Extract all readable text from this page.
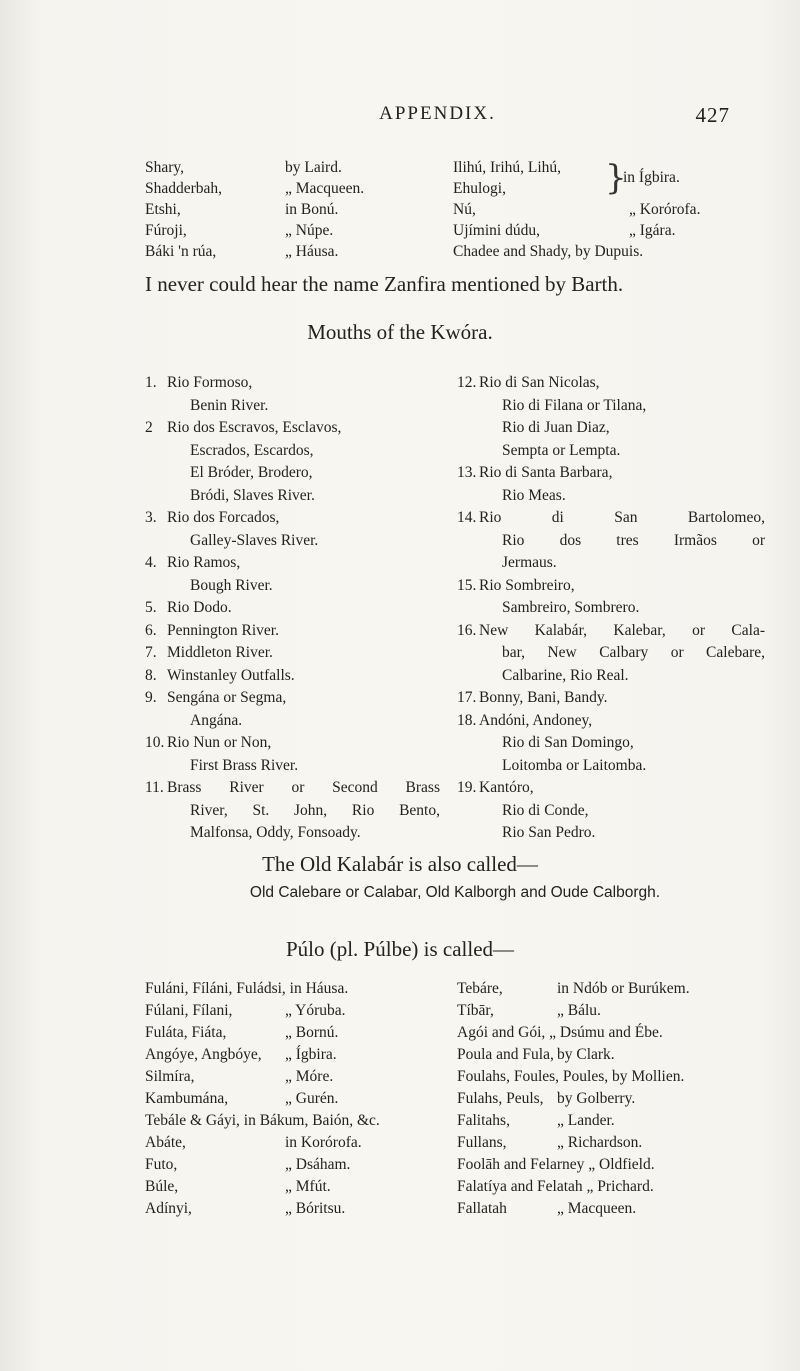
APPENDIX.	427
Shary,	by Laird.	Ilihú, Irihú, Lihú,
Shadderbah,	„ Macqueen.	Ehulogi,
Etshi,	in Bonú.	Nú,	„ Korórofa.
Fúroji,	„ Núpe.	Ujímini dúdu,	„ Igára.
Báki 'n rúa,	„ Háusa.	Chadee and Shady, by Dupuis.
}
in Ígbira.
I never could hear the name Zanfira mentioned by Barth.
Mouths of the Kwóra.
1. Rio Formoso,
Benin River.
2 Rio dos Escravos, Esclavos,
Escrados, Escardos,
El Bróder, Brodero,
Bródi, Slaves River.
3. Rio dos Forcados,
Galley-Slaves River.
4. Rio Ramos,
Bough River.
5. Rio Dodo.
6. Pennington River.
7. Middleton River.
8. Winstanley Outfalls.
9. Sengána or Segma,
Angána.
10. Rio Nun or Non,
First Brass River.
11. Brass River or Second Brass
River, St. John, Rio Bento,
Malfonsa, Oddy, Fonsoady.
12. Rio di San Nicolas,
Rio di Filana or Tilana,
Rio di Juan Diaz,
Sempta or Lempta.
13. Rio di Santa Barbara,
Rio Meas.
14. Rio di San Bartolomeo,
Rio dos tres Irmãos or
Jermaus.
15. Rio Sombreiro,
Sambreiro, Sombrero.
16. New Kalabár, Kalebar, or Cala-
bar, New Calbary or Calebare,
Calbarine, Rio Real.
17. Bonny, Bani, Bandy.
18. Andóni, Andoney,
Rio di San Domingo,
Loitomba or Laitomba.
19. Kantóro,
Rio di Conde,
Rio San Pedro.
The Old Kalabár is also called—
Old Calebare or Calabar, Old Kalborgh and Oude Calborgh.
Púlo (pl. Púlbe) is called—
Fuláni, Fíláni, Fuládsi, in Háusa.	Tebáre,	in Ndób or Burúkem.
Fúlani, Fílani,	„ Yóruba.	Tíbār,	„ Bálu.
Fuláta, Fiáta,	„ Bornú.	Agói and Gói, „ Dsúmu and Ébe.
Angóye, Angbóye, „ Ígbira.	Poula and Fula, by Clark.
Silmíra,	„ Móre.	Foulahs, Foules, Poules, by Mollien.
Kambumána,	„ Gurén.	Fulahs, Peuls, by Golberry.
Tebále & Gáyi, in Bákum, Baión, &c.	Falitahs,	„ Lander.
Abáte,	in Korórofa.	Fullans,	„ Richardson.
Futo,	„ Dsáham.	Foolāh and Felarney „ Oldfield.
Búle,	„ Mfút.	Falatíya and Felatah „ Prichard.
Adínyi,	„ Bóritsu.	Fallatah	„ Macqueen.
